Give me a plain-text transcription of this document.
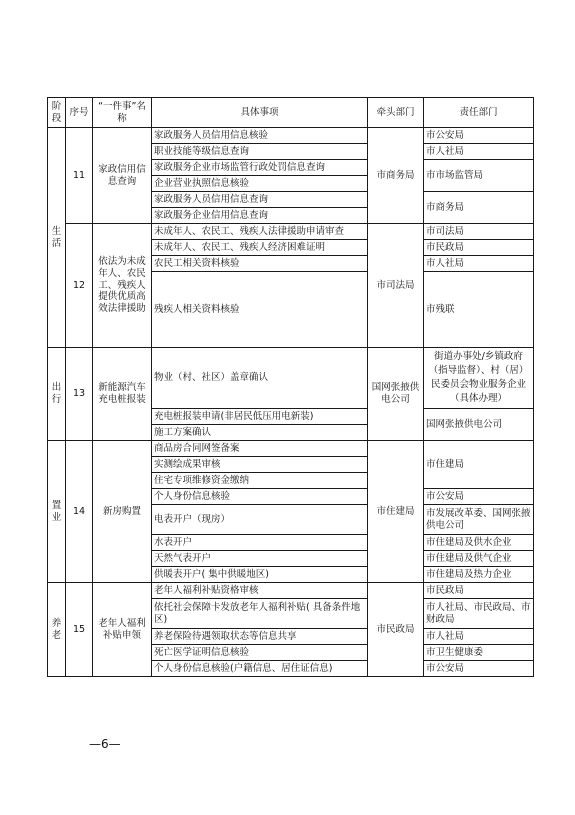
阶段	序号	“一件事”名称	具体事项	牵头部门	责任部门
生活	11	家政信用信息查询	家政服务人员信用信息核验	市商务局	市公安局
			职业技能等级信息查询		市人社局
			家政服务企业市场监管行政处罚信息查询		市市场监管局
			企业营业执照信息核验		
			家政服务人员信用信息查询		市商务局
			家政服务企业信用信息查询		
	12	依法为未成年人、农民工、残疾人提供优质高效法律援助	未成年人、农民工、残疾人法律援助申请审查	市司法局	市司法局
			未成年人、农民工、残疾人经济困难证明		市民政局
			农民工相关资料核验		市人社局
			残疾人相关资料核验		市残联
出行	13	新能源汽车充电桩报装	物业（村、社区）盖章确认	国网张掖供电公司	街道办事处/乡镇政府（指导监督）、村（居）民委员会物业服务企业（具体办理）
			充电桩报装申请(非居民低压用电新装)		国网张掖供电公司
			施工方案确认		
置业	14	新房购置	商品房合同网签备案	市住建局	市住建局
			实测绘成果审核		
			住宅专项维修资金缴纳		
			个人身份信息核验		市公安局
			电表开户（现房）		市发展改革委、国网张掖供电公司
			水表开户		市住建局及供水企业
			天然气表开户		市住建局及供气企业
			供暖表开户( 集中供暖地区)		市住建局及热力企业
养老	15	老年人福利补贴申领	老年人福利补贴资格审核	市民政局	市民政局
			依托社会保障卡发放老年人福利补贴( 具备条件地区)		市人社局、市民政局、市财政局
			养老保险待遇领取状态等信息共享		市人社局
			死亡医学证明信息核验		市卫生健康委
			个人身份信息核验(户籍信息、居住证信息)		市公安局
—6—
